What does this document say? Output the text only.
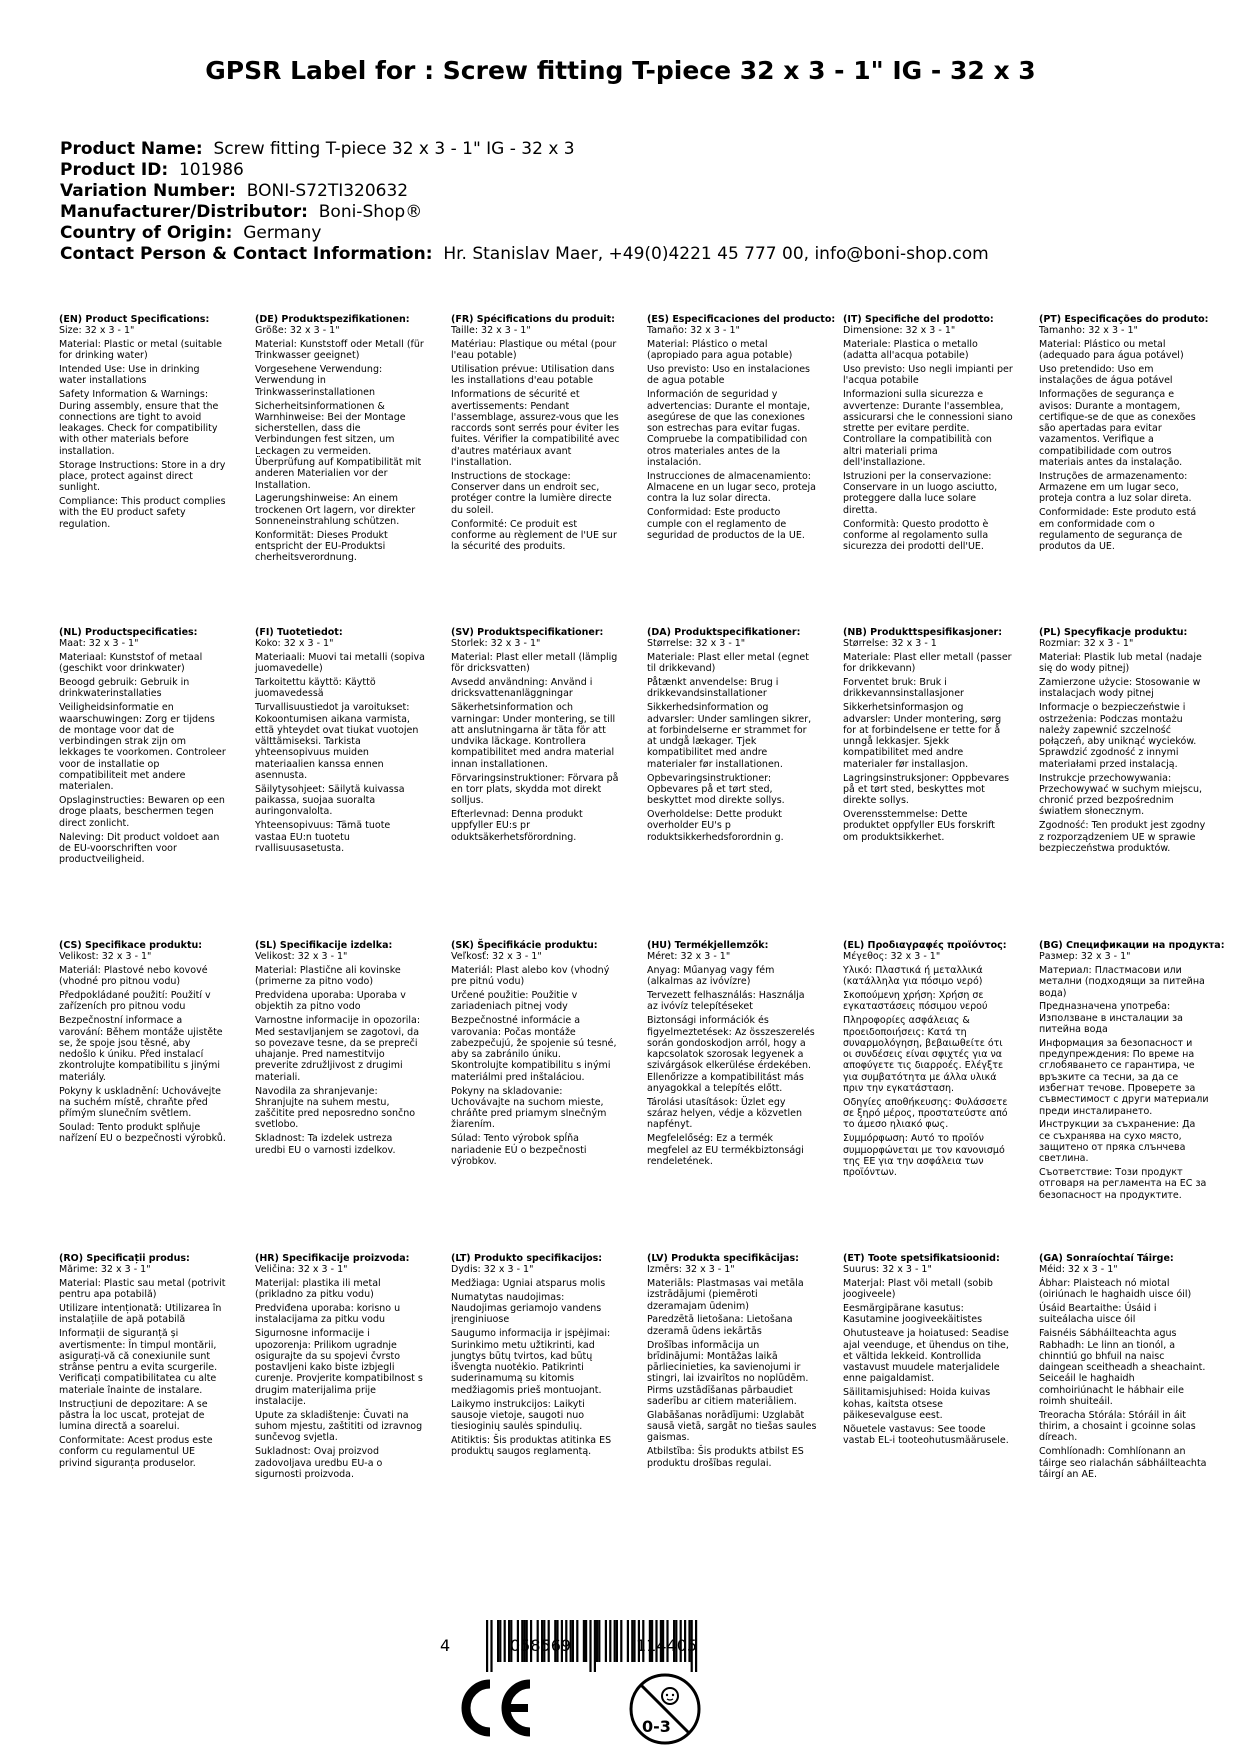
GPSR Label for : Screw fitting T-piece 32 x 3 - 1" IG - 32 x 3
Product Name: Screw fitting T-piece 32 x 3 - 1" IG - 32 x 3
Product ID: 101986
Variation Number: BONI-S72TI320632
Manufacturer/Distributor: Boni-Shop®
Country of Origin: Germany
Contact Person & Contact Information: Hr. Stanislav Maer, +49(0)4221 45 777 00, info@boni-shop.com
(EN) Product Specifications:
Size: 32 x 3 - 1"
Material: Plastic or metal (suitable for drinking water)
Intended Use: Use in drinking water installations
Safety Information & Warnings: During assembly, ensure that the connections are tight to avoid leakages. Check for compatibility with other materials before installation.
Storage Instructions: Store in a dry place, protect against direct sunlight.
Compliance: This product complies with the EU product safety regulation.
(DE) Produktspezifikationen:
Größe: 32 x 3 - 1"
Material: Kunststoff oder Metall (für Trinkwasser geeignet)
Vorgesehene Verwendung: Verwendung in Trinkwasserinstallationen
Sicherheitsinformationen & Warnhinweise: Bei der Montage sicherstellen, dass die Verbindungen fest sitzen, um Leckagen zu vermeiden. Überprüfung auf Kompatibilität mit anderen Materialien vor der Installation.
Lagerungshinweise: An einem trockenen Ort lagern, vor direkter Sonneneinstrahlung schützen.
Konformität: Dieses Produkt entspricht der EU-Produktsi cherheitsverordnung.
(FR) Spécifications du produit:
Taille: 32 x 3 - 1"
Matériau: Plastique ou métal (pour l'eau potable)
Utilisation prévue: Utilisation dans les installations d'eau potable
Informations de sécurité et avertissements: Pendant l'assemblage, assurez-vous que les raccords sont serrés pour éviter les fuites. Vérifier la compatibilité avec d'autres matériaux avant l'installation.
Instructions de stockage: Conserver dans un endroit sec, protéger contre la lumière directe du soleil.
Conformité: Ce produit est conforme au règlement de l'UE sur la sécurité des produits.
(ES) Especificaciones del producto:
Tamaño: 32 x 3 - 1"
Material: Plástico o metal (apropiado para agua potable)
Uso previsto: Uso en instalaciones de agua potable
Información de seguridad y advertencias: Durante el montaje, asegúrese de que las conexiones son estrechas para evitar fugas. Compruebe la compatibilidad con otros materiales antes de la instalación.
Instrucciones de almacenamiento: Almacene en un lugar seco, proteja contra la luz solar directa.
Conformidad: Este producto cumple con el reglamento de seguridad de productos de la UE.
(IT) Specifiche del prodotto:
Dimensione: 32 x 3 - 1"
Materiale: Plastica o metallo (adatta all'acqua potabile)
Uso previsto: Uso negli impianti per l'acqua potabile
Informazioni sulla sicurezza e avvertenze: Durante l'assemblea, assicurarsi che le connessioni siano strette per evitare perdite. Controllare la compatibilità con altri materiali prima dell'installazione.
Istruzioni per la conservazione: Conservare in un luogo asciutto, proteggere dalla luce solare diretta.
Conformità: Questo prodotto è conforme al regolamento sulla sicurezza dei prodotti dell'UE.
(PT) Especificações do produto:
Tamanho: 32 x 3 - 1"
Material: Plástico ou metal (adequado para água potável)
Uso pretendido: Uso em instalações de água potável
Informações de segurança e avisos: Durante a montagem, certifique-se de que as conexões são apertadas para evitar vazamentos. Verifique a compatibilidade com outros materiais antes da instalação.
Instruções de armazenamento: Armazene em um lugar seco, proteja contra a luz solar direta.
Conformidade: Este produto está em conformidade com o regulamento de segurança de produtos da UE.
(NL) Productspecificaties:
Maat: 32 x 3 - 1"
Materiaal: Kunststof of metaal (geschikt voor drinkwater)
Beoogd gebruik: Gebruik in drinkwaterinstallaties
Veiligheidsinformatie en waarschuwingen: Zorg er tijdens de montage voor dat de verbindingen strak zijn om lekkages te voorkomen. Controleer voor de installatie op compatibiliteit met andere materialen.
Opslaginstructies: Bewaren op een droge plaats, beschermen tegen direct zonlicht.
Naleving: Dit product voldoet aan de EU-voorschriften voor productveiligheid.
(FI) Tuotetiedot:
Koko: 32 x 3 - 1"
Materiaali: Muovi tai metalli (sopiva juomavedelle)
Tarkoitettu käyttö: Käyttö juomavedessä
Turvallisuustiedot ja varoitukset: Kokoontumisen aikana varmista, että yhteydet ovat tiukat vuotojen välttämiseksi. Tarkista yhteensopivuus muiden materiaalien kanssa ennen asennusta.
Säilytysohjeet: Säilytä kuivassa paikassa, suojaa suoralta auringonvalolta.
Yhteensopivuus: Tämä tuote vastaa EU:n tuotetu rvallisuusasetusta.
(SV) Produktspecifikationer:
Storlek: 32 x 3 - 1"
Material: Plast eller metall (lämplig för dricksvatten)
Avsedd användning: Använd i dricksvattenanläggningar
Säkerhetsinformation och varningar: Under montering, se till att anslutningarna är täta för att undvika läckage. Kontrollera kompatibilitet med andra material innan installationen.
Förvaringsinstruktioner: Förvara på en torr plats, skydda mot direkt solljus.
Efterlevnad: Denna produkt uppfyller EU:s pr oduktsäkerhetsförordning.
(DA) Produktspecifikationer:
Størrelse: 32 x 3 - 1"
Materiale: Plast eller metal (egnet til drikkevand)
Påtænkt anvendelse: Brug i drikkevandsinstallationer
Sikkerhedsinformation og advarsler: Under samlingen sikrer, at forbindelserne er strammet for at undgå lækager. Tjek kompatibilitet med andre materialer før installationen.
Opbevaringsinstruktioner: Opbevares på et tørt sted, beskyttet mod direkte sollys.
Overholdelse: Dette produkt overholder EU's p roduktsikkerhedsforordnin g.
(NB) Produkttspesifikasjoner:
Størrelse: 32 x 3 - 1
Materiale: Plast eller metall (passer for drikkevann)
Forventet bruk: Bruk i drikkevannsinstallasjoner
Sikkerhetsinformasjon og advarsler: Under montering, sørg for at forbindelsene er tette for å unngå lekkasjer. Sjekk kompatibilitet med andre materialer før installasjon.
Lagringsinstruksjoner: Oppbevares på et tørt sted, beskyttes mot direkte sollys.
Overensstemmelse: Dette produktet oppfyller EUs forskrift om produktsikkerhet.
(PL) Specyfikacje produktu:
Rozmiar: 32 x 3 - 1"
Materiał: Plastik lub metal (nadaje się do wody pitnej)
Zamierzone użycie: Stosowanie w instalacjach wody pitnej
Informacje o bezpieczeństwie i ostrzeżenia: Podczas montażu należy zapewnić szczelność połączeń, aby uniknąć wycieków. Sprawdzić zgodność z innymi materiałami przed instalacją.
Instrukcje przechowywania: Przechowywać w suchym miejscu, chronić przed bezpośrednim światłem słonecznym.
Zgodność: Ten produkt jest zgodny z rozporządzeniem UE w sprawie bezpieczeństwa produktów.
(CS) Specifikace produktu:
Velikost: 32 x 3 - 1"
Materiál: Plastové nebo kovové (vhodné pro pitnou vodu)
Předpokládané použití: Použití v zařízeních pro pitnou vodu
Bezpečnostní informace a varování: Během montáže ujistěte se, že spoje jsou těsné, aby nedošlo k úniku. Před instalací zkontrolujte kompatibilitu s jinými materiály.
Pokyny k uskladnění: Uchovávejte na suchém místě, chraňte před přímým slunečním světlem.
Soulad: Tento produkt splňuje nařízení EU o bezpečnosti výrobků.
(SL) Specifikacije izdelka:
Velikost: 32 x 3 - 1"
Material: Plastične ali kovinske (primerne za pitno vodo)
Predvidena uporaba: Uporaba v objektih za pitno vodo
Varnostne informacije in opozorila: Med sestavljanjem se zagotovi, da so povezave tesne, da se prepreči uhajanje. Pred namestitvijo preverite združljivost z drugimi materiali.
Navodila za shranjevanje: Shranjujte na suhem mestu, zaščitite pred neposredno sončno svetlobo.
Skladnost: Ta izdelek ustreza uredbi EU o varnosti izdelkov.
(SK) Špecifikácie produktu:
Veľkosť: 32 x 3 - 1"
Materiál: Plast alebo kov (vhodný pre pitnú vodu)
Určené použitie: Použitie v zariadeniach pitnej vody
Bezpečnostné informácie a varovania: Počas montáže zabezpečujú, že spojenie sú tesné, aby sa zabránilo úniku. Skontrolujte kompatibilitu s inými materiálmi pred inštaláciou.
Pokyny na skladovanie: Uchovávajte na suchom mieste, chráňte pred priamym slnečným žiarením.
Súlad: Tento výrobok spĺňa nariadenie EÚ o bezpečnosti výrobkov.
(HU) Termékjellemzők:
Méret: 32 x 3 - 1"
Anyag: Műanyag vagy fém (alkalmas az ivóvízre)
Tervezett felhasználás: Használja az ivóvíz telepítéseket
Biztonsági információk és figyelmeztetések: Az összeszerelés során gondoskodjon arról, hogy a kapcsolatok szorosak legyenek a szivárgások elkerülése érdekében. Ellenőrizze a kompatibilitást más anyagokkal a telepítés előtt.
Tárolási utasítások: Üzlet egy száraz helyen, védje a közvetlen napfényt.
Megfelelőség: Ez a termék megfelel az EU termékbiztonsági rendeletének.
(EL) Προδιαγραφές προϊόντος:
Μέγεθος: 32 x 3 - 1"
Υλικό: Πλαστικά ή μεταλλικά (κατάλληλα για πόσιμο νερό)
Σκοπούμενη χρήση: Χρήση σε εγκαταστάσεις πόσιμου νερού
Πληροφορίες ασφάλειας & προειδοποιήσεις: Κατά τη συναρμολόγηση, βεβαιωθείτε ότι οι συνδέσεις είναι σφιχτές για να αποφύγετε τις διαρροές. Ελέγξτε για συμβατότητα με άλλα υλικά πριν την εγκατάσταση.
Οδηγίες αποθήκευσης: Φυλάσσετε σε ξηρό μέρος, προστατεύστε από το άμεσο ηλιακό φως.
Συμμόρφωση: Αυτό το προϊόν συμμορφώνεται με τον κανονισμό της ΕΕ για την ασφάλεια των προϊόντων.
(BG) Спецификации на продукта:
Размер: 32 x 3 - 1"
Материал: Пластмасови или метални (подходящи за питейна вода)
Предназначена употреба: Използване в инсталации за питейна вода
Информация за безопасност и предупреждения: По време на сглобяването се гарантира, че връзките са тесни, за да се избегнат течове. Проверете за съвместимост с други материали преди инсталирането.
Инструкции за съхранение: Да се съхранява на сухо място, защитено от пряка слънчева светлина.
Съответствие: Този продукт отговаря на регламента на ЕС за безопасност на продуктите.
(RO) Specificații produs:
Mărime: 32 x 3 - 1"
Material: Plastic sau metal (potrivit pentru apa potabilă)
Utilizare intenționată: Utilizarea în instalațiile de apă potabilă
Informații de siguranță și avertismente: În timpul montării, asigurați-vă că conexiunile sunt strânse pentru a evita scurgerile. Verificați compatibilitatea cu alte materiale înainte de instalare.
Instrucțiuni de depozitare: A se păstra la loc uscat, protejat de lumina directă a soarelui.
Conformitate: Acest produs este conform cu regulamentul UE privind siguranța produselor.
(HR) Specifikacije proizvoda:
Veličina: 32 x 3 - 1"
Materijal: plastika ili metal (prikladno za pitku vodu)
Predviđena uporaba: korisno u instalacijama za pitku vodu
Sigurnosne informacije i upozorenja: Prilikom ugradnje osigurajte da su spojevi čvrsto postavljeni kako biste izbjegli curenje. Provjerite kompatibilnost s drugim materijalima prije instalacije.
Upute za skladištenje: Čuvati na suhom mjestu, zaštititi od izravnog sunčevog svjetla.
Sukladnost: Ovaj proizvod zadovoljava uredbu EU-a o sigurnosti proizvoda.
(LT) Produkto specifikacijos:
Dydis: 32 x 3 - 1"
Medžiaga: Ugniai atsparus molis
Numatytas naudojimas: Naudojimas geriamojo vandens įrenginiuose
Saugumo informacija ir įspėjimai: Surinkimo metu užtikrinti, kad jungtys būtų tvirtos, kad būtų išvengta nuotėkio. Patikrinti suderinamumą su kitomis medžiagomis prieš montuojant.
Laikymo instrukcijos: Laikyti sausoje vietoje, saugoti nuo tiesioginių saulės spindulių.
Atitiktis: Šis produktas atitinka ES produktų saugos reglamentą.
(LV) Produkta specifikācijas:
Izmērs: 32 x 3 - 1"
Materiāls: Plastmasas vai metāla izstrādājumi (piemēroti dzeramajam ūdenim)
Paredzētā lietošana: Lietošana dzeramā ūdens iekārtās
Drošības informācija un brīdinājumi: Montāžas laikā pārliecinieties, ka savienojumi ir stingri, lai izvairītos no noplūdēm. Pirms uzstādīšanas pārbaudiet saderību ar citiem materiāliem.
Glabāšanas norādījumi: Uzglabāt sausā vietā, sargāt no tiešas saules gaismas.
Atbilstība: Šis produkts atbilst ES produktu drošības regulai.
(ET) Toote spetsifikatsioonid:
Suurus: 32 x 3 - 1"
Materjal: Plast või metall (sobib joogiveele)
Eesmärgipärane kasutus: Kasutamine joogiveekäitistes
Ohutusteave ja hoiatused: Seadise ajal veenduge, et ühendus on tihe, et vältida lekkeid. Kontrollida vastavust muudele materjalidele enne paigaldamist.
Säilitamisjuhised: Hoida kuivas kohas, kaitsta otsese päikesevalguse eest.
Nõuetele vastavus: See toode vastab EL-i tooteohutusmäärusele.
(GA) Sonraíochtaí Táirge:
Méid: 32 x 3 - 1"
Ábhar: Plaisteach nó miotal (oiriúnach le haghaidh uisce óil)
Úsáid Beartaithe: Úsáid i suiteálacha uisce óil
Faisnéis Sábháilteachta agus Rabhadh: Le linn an tionól, a chinntiú go bhfuil na naisc daingean sceitheadh a sheachaint. Seiceáil le haghaidh comhoiriúnacht le hábhair eile roimh shuiteáil.
Treoracha Stórála: Stóráil in áit thirim, a chosaint i gcoinne solas díreach.
Comhlíonadh: Comhlíonann an táirge seo rialachán sábháilteachta táirgí an AE.
4	058569	114405
0-3
